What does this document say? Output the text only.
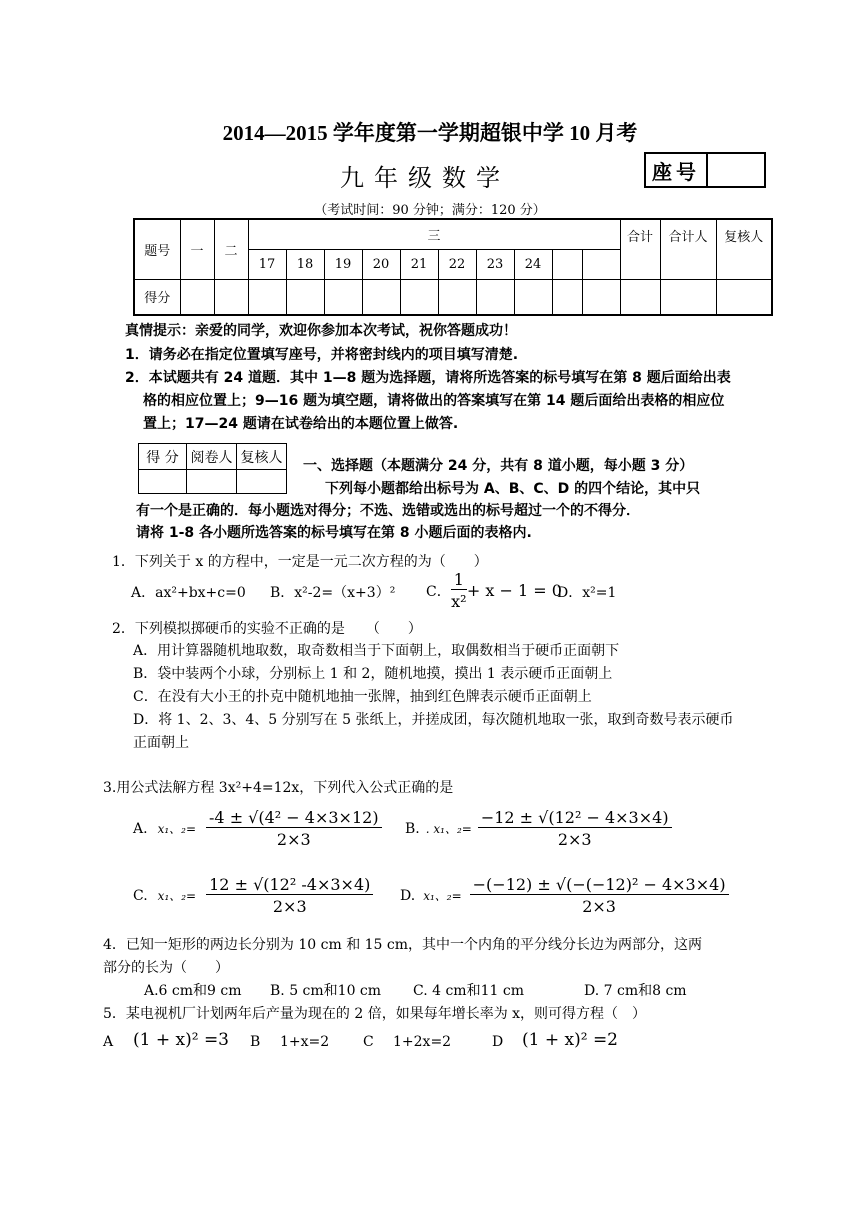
2014—2015 学年度第一学期超银中学 10 月考
九年级数学	座号
（考试时间：90 分钟；满分：120 分）
题号	一	二	三										合计	合计人	复核人
			17	18	19	20	21	22	23	24					
得分															
真情提示：亲爱的同学，欢迎你参加本次考试，祝你答题成功！
1．请务必在指定位置填写座号，并将密封线内的项目填写清楚.
2．本试题共有 24 道题．其中 1—8 题为选择题，请将所选答案的标号填写在第 8 题后面给出表
格的相应位置上；9—16 题为填空题，请将做出的答案填写在第 14 题后面给出表格的相应位
置上；17—24 题请在试卷给出的本题位置上做答.
得 分	阅卷人	复核人

一、选择题（本题满分 24 分，共有 8 道小题，每小题 3 分）
下列每小题都给出标号为 A、B、C、D 的四个结论，其中只
有一个是正确的．每小题选对得分；不选、选错或选出的标号超过一个的不得分．
请将 1-8 各小题所选答案的标号填写在第 8 小题后面的表格内.
1．下列关于 x 的方程中，一定是一元二次方程的为（　　）
A．ax²+bx+c=0 B．x²-2=（x+3）² C． $\frac{1}{\text{x²}} + x - 1 = 0$
D．x²=1
2．下列模拟掷硬币的实验不正确的是　　（　　）
A．用计算器随机地取数，取奇数相当于下面朝上，取偶数相当于硬币正面朝下
B．袋中装两个小球，分别标上 1 和 2，随机地摸，摸出 1 表示硬币正面朝上
C．在没有大小王的扑克中随机地抽一张牌，抽到红色牌表示硬币正面朝上
D．将 1、2、3、4、5 分别写在 5 张纸上，并搓成团，每次随机地取一张，取到奇数号表示硬币
正面朝上
3.用公式法解方程 3x²+4=12x，下列代入公式正确的是
A. x₁、$_2= \frac{\text{-4 ± √(4² − 4×3×12)}}{2\times 3} B$. . x₁、$_2= \frac{\text{−12 ± √(12² − 4×3×4)}}{2\times 3}$
C. x₁、$_2= \frac{\text{12 ± √(12² -4×3×4)}}{2\times 3} D$. x₁、$_2= \frac{\text{−(−12) ± √(−(−12)² − 4×3×4)}}{2\times 3}$
4．已知一矩形的两边长分别为 10 cm 和 15 cm，其中一个内角的平分线分长边为两部分，这两
部分的长为（　　）
A.6 cm和9 cm B. 5 cm和10 cm C. 4 cm和11 cm	D. 7 cm和8 cm
5．某电视机厂计划两年后产量为现在的 2 倍，如果每年增长率为 x，则可得方程（　）
A (1 + x)² =3 B 1+x=2 C 1+2x=2	D (1 + x)² =2
